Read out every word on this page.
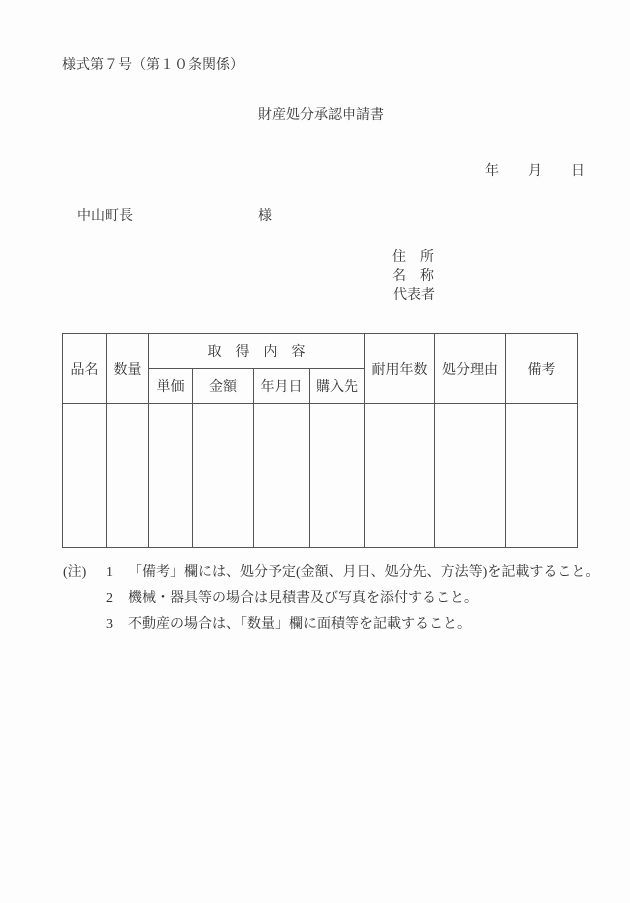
様式第７号（第１０条関係）
財産処分承認申請書
年 月 日
中山町長	様
住　所
名　称
代表者
品名	数量	取　得　内　容				耐用年数	処分理由	備考
		単価	金額	年月日	購入先			

(注)	1	「備考」欄には、処分予定(金額、月日、処分先、方法等)を記載すること。
2	機械・器具等の場合は見積書及び写真を添付すること。
3	不動産の場合は、「数量」欄に面積等を記載すること。
